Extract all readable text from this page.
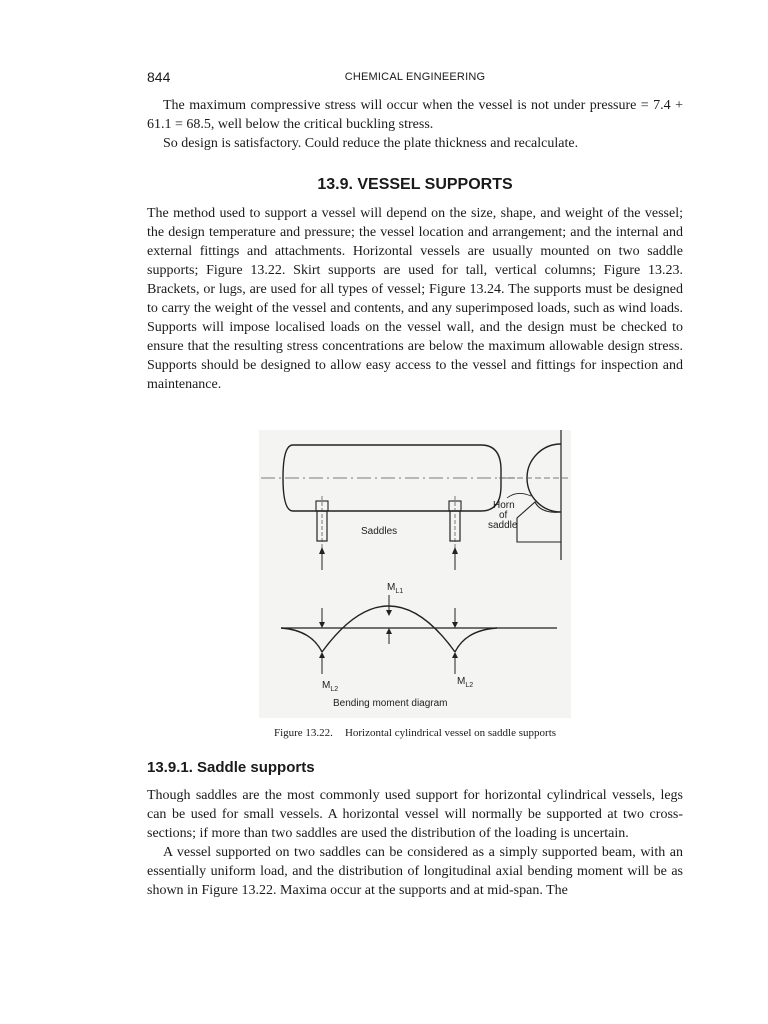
844	CHEMICAL ENGINEERING

The maximum compressive stress will occur when the vessel is not under pressure = 7.4 + 61.1 = 68.5, well below the critical buckling stress.

So design is satisfactory. Could reduce the plate thickness and recalculate.

13.9. VESSEL SUPPORTS

The method used to support a vessel will depend on the size, shape, and weight of the vessel; the design temperature and pressure; the vessel location and arrangement; and the internal and external fittings and attachments. Horizontal vessels are usually mounted on two saddle supports; Figure 13.22. Skirt supports are used for tall, vertical columns; Figure 13.23. Brackets, or lugs, are used for all types of vessel; Figure 13.24. The supports must be designed to carry the weight of the vessel and contents, and any superimposed loads, such as wind loads. Supports will impose localised loads on the vessel wall, and the design must be checked to ensure that the resulting stress concentrations are below the maximum allowable design stress. Supports should be designed to allow easy access to the vessel and fittings for inspection and maintenance.

Saddles
Horn
of
saddle
$M_{L1}$
$M_{L2}$
$M_{L2}$
Bending moment diagram
Figure 13.22. Horizontal cylindrical vessel on saddle supports
13.9.1. Saddle supports

Though saddles are the most commonly used support for horizontal cylindrical vessels, legs can be used for small vessels. A horizontal vessel will normally be supported at two cross-sections; if more than two saddles are used the distribution of the loading is uncertain.

A vessel supported on two saddles can be considered as a simply supported beam, with an essentially uniform load, and the distribution of longitudinal axial bending moment will be as shown in Figure 13.22. Maxima occur at the supports and at mid-span. The
